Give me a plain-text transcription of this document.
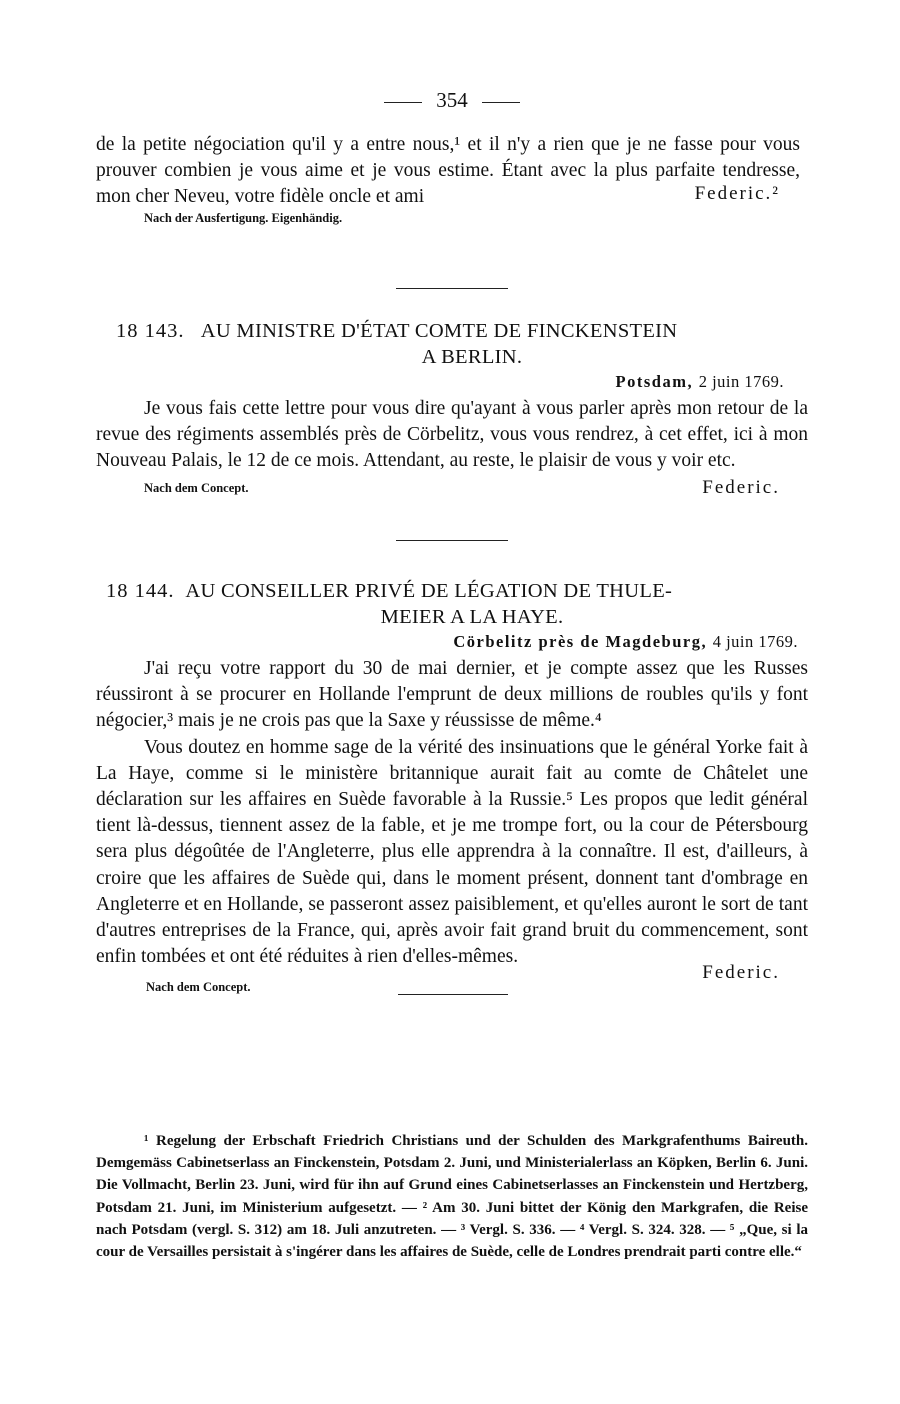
354

de la petite négociation qu'il y a entre nous,¹ et il n'y a rien que je ne fasse pour vous prouver combien je vous aime et je vous estime. Étant avec la plus parfaite tendresse, mon cher Neveu, votre fidèle oncle et ami

Nach der Ausfertigung. Eigenhändig.
Federic.²
18 143. AU MINISTRE D'ÉTAT COMTE DE FINCKENSTEIN
A BERLIN.
Potsdam, 2 juin 1769.

Je vous fais cette lettre pour vous dire qu'ayant à vous parler après mon retour de la revue des régiments assemblés près de Cörbelitz, vous vous rendrez, à cet effet, ici à mon Nouveau Palais, le 12 de ce mois. Attendant, au reste, le plaisir de vous y voir etc.

Nach dem Concept.	Federic.
18 144. AU CONSEILLER PRIVÉ DE LÉGATION DE THULE-
MEIER A LA HAYE.
Cörbelitz près de Magdeburg, 4 juin 1769.

J'ai reçu votre rapport du 30 de mai dernier, et je compte assez que les Russes réussiront à se procurer en Hollande l'emprunt de deux millions de roubles qu'ils y font négocier,³ mais je ne crois pas que la Saxe y réussisse de même.⁴

Vous doutez en homme sage de la vérité des insinuations que le général Yorke fait à La Haye, comme si le ministère britannique aurait fait au comte de Châtelet une déclaration sur les affaires en Suède favorable à la Russie.⁵ Les propos que ledit général tient là-dessus, tiennent assez de la fable, et je me trompe fort, ou la cour de Pétersbourg sera plus dégoûtée de l'Angleterre, plus elle apprendra à la connaître. Il est, d'ailleurs, à croire que les affaires de Suède qui, dans le moment présent, donnent tant d'ombrage en Angleterre et en Hollande, se passeront assez paisiblement, et qu'elles auront le sort de tant d'autres entreprises de la France, qui, après avoir fait grand bruit du commencement, sont enfin tombées et ont été réduites à rien d'elles-mêmes.

Nach dem Concept.
Federic.
¹ Regelung der Erbschaft Friedrich Christians und der Schulden des Markgrafenthums Baireuth. Demgemäss Cabinetserlass an Finckenstein, Potsdam 2. Juni, und Ministerialerlass an Köpken, Berlin 6. Juni. Die Vollmacht, Berlin 23. Juni, wird für ihn auf Grund eines Cabinetserlasses an Finckenstein und Hertzberg, Potsdam 21. Juni, im Ministerium aufgesetzt. — ² Am 30. Juni bittet der König den Markgrafen, die Reise nach Potsdam (vergl. S. 312) am 18. Juli anzutreten. — ³ Vergl. S. 336. — ⁴ Vergl. S. 324. 328. — ⁵ „Que, si la cour de Versailles persistait à s'ingérer dans les affaires de Suède, celle de Londres prendrait parti contre elle.“
